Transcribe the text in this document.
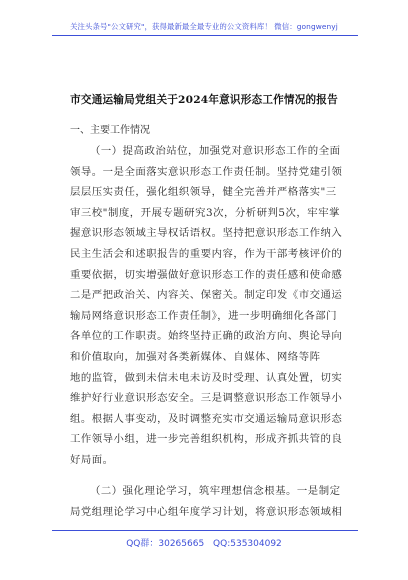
关注头条号"公文研究"，获得最新最全最专业的公文资料库！ 微信：gongwenyj
市交通运输局党组关于2024年意识形态工作情况的报告
一、主要工作情况
（一）提高政治站位，加强党对意识形态工作的全面
领导。一是全面落实意识形态工作责任制。坚持党建引领
层层压实责任，强化组织领导，健全完善并严格落实"三
审三校"制度，开展专题研究3次，分析研判5次，牢牢掌
握意识形态领域主导权话语权。坚持把意识形态工作纳入
民主生活会和述职报告的重要内容，作为干部考核评价的
重要依据，切实增强做好意识形态工作的责任感和使命感
二是严把政治关、内容关、保密关。制定印发《市交通运
输局网络意识形态工作责任制》，进一步明确细化各部门
各单位的工作职责。始终坚持正确的政治方向、舆论导向
和价值取向，加强对各类新媒体、自媒体、网络等阵
地的监管，做到未信未电未访及时受理、认真处置，切实
维护好行业意识形态安全。三是调整意识形态工作领导小
组。根据人事变动，及时调整充实市交通运输局意识形态
工作领导小组，进一步完善组织机构，形成齐抓共管的良
好局面。
（二）强化理论学习，筑牢理想信念根基。一是制定
局党组理论学习中心组年度学习计划，将意识形态领域相
QQ群：30265665 QQ:535304092
